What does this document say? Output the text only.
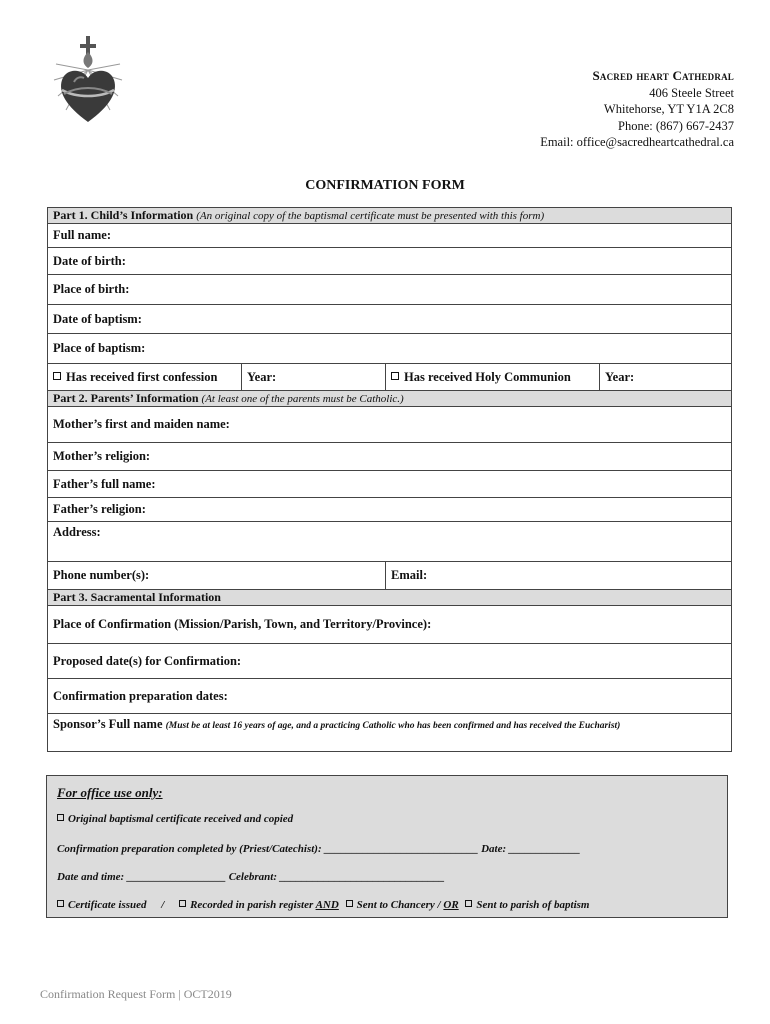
Sacred heart Cathedral
406 Steele Street
Whitehorse, YT Y1A 2C8
Phone: (867) 667-2437
Email: office@sacredheartcathedral.ca
CONFIRMATION FORM
Part 1. Child’s Information (An original copy of the baptismal certificate must be presented with this form)			
Full name:			
Date of birth:			
Place of birth:			
Date of baptism:			
Place of baptism:			
Has received first confession	Year:	Has received Holy Communion	Year:
Part 2. Parents’ Information (At least one of the parents must be Catholic.)			
Mother’s first and maiden name:			
Mother’s religion:			
Father’s full name:			
Father’s religion:			
Address:			
Phone number(s):		Email:	
Part 3. Sacramental Information			
Place of Confirmation (Mission/Parish, Town, and Territory/Province):			
Proposed date(s) for Confirmation:			
Confirmation preparation dates:			
Sponsor’s Full name (Must be at least 16 years of age, and a practicing Catholic who has been confirmed and has received the Eucharist)			
For office use only:
Original baptismal certificate received and copied
Confirmation preparation completed by (Priest/Catechist): ____________________________ Date: _____________
Date and time: __________________ Celebrant: ______________________________
Certificate issued / Recorded in parish register AND Sent to Chancery / OR Sent to parish of baptism
Confirmation Request Form | OCT2019
